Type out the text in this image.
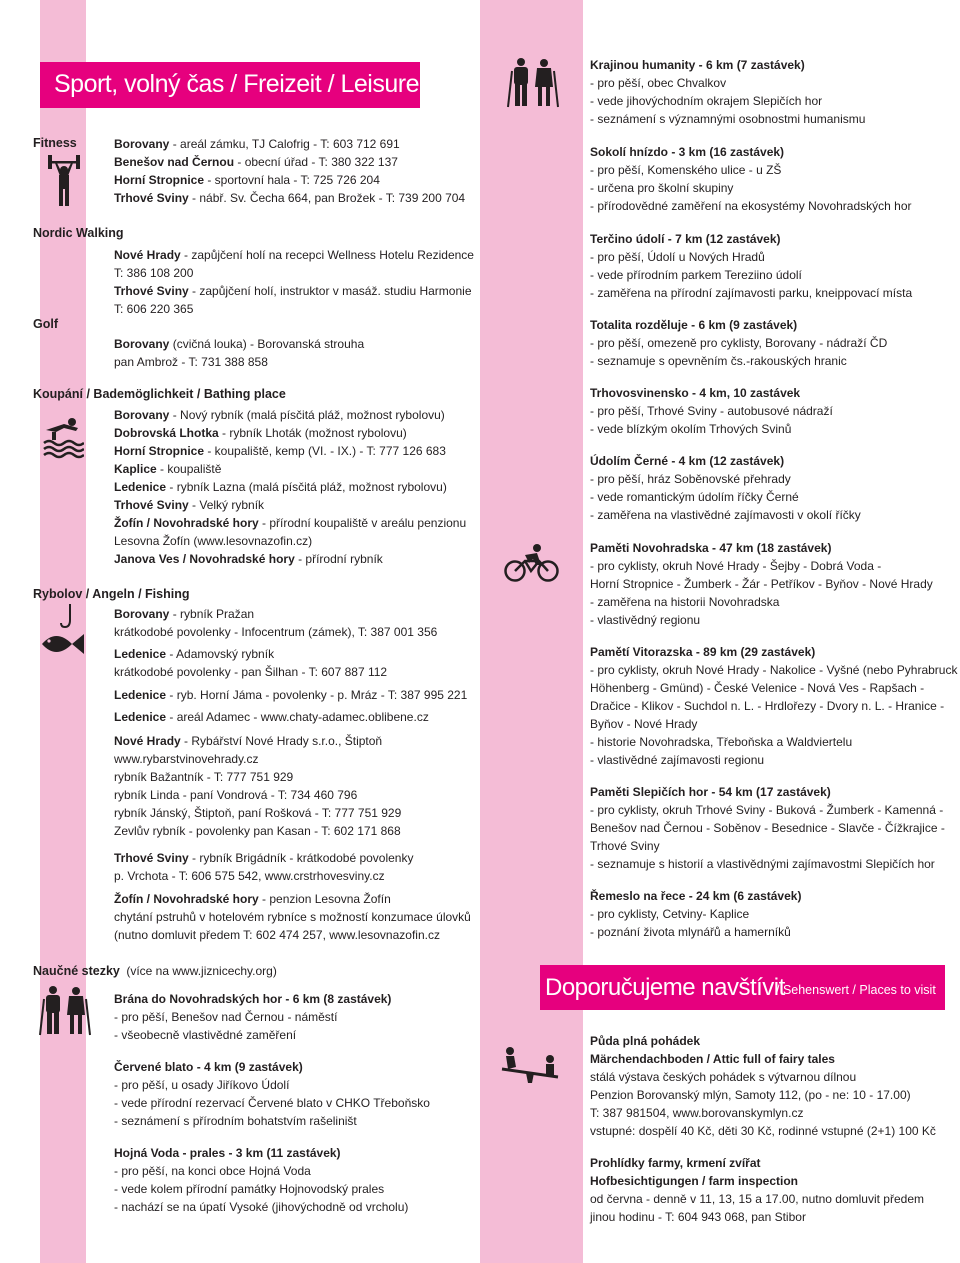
Sport, volný čas / Freizeit / Leisure
Fitness
Nordic Walking
Golf
Koupání / Bademöglichkeit / Bathing place
Rybolov / Angeln / Fishing
Naučné stezky (více na www.jiznicechy.org)
Borovany - areál zámku, TJ Calofrig - T: 603 712 691
Benešov nad Černou - obecní úřad - T: 380 322 137
Horní Stropnice - sportovní hala - T: 725 726 204
Trhové Sviny - nábř. Sv. Čecha 664, pan Brožek - T: 739 200 704
Nové Hrady - zapůjčení holí na recepci Wellness Hotelu Rezidence
T: 386 108 200
Trhové Sviny - zapůjčení holí, instruktor v masáž. studiu Harmonie
T: 606 220 365
Borovany (cvičná louka) - Borovanská strouha
pan Ambrož - T: 731 388 858
Borovany - Nový rybník (malá písčitá pláž, možnost rybolovu)
Dobrovská Lhotka - rybník Lhoták (možnost rybolovu)
Horní Stropnice - koupaliště, kemp (VI. - IX.) - T: 777 126 683
Kaplice - koupaliště
Ledenice - rybník Lazna (malá písčitá pláž, možnost rybolovu)
Trhové Sviny - Velký rybník
Žofín / Novohradské hory - přírodní koupaliště v areálu penzionu
Lesovna Žofín (www.lesovnazofin.cz)
Janova Ves / Novohradské hory - přírodní rybník
Borovany - rybník Pražan
krátkodobé povolenky - Infocentrum (zámek), T: 387 001 356
Ledenice - Adamovský rybník
krátkodobé povolenky - pan Šilhan - T: 607 887 112
Ledenice - ryb. Horní Jáma - povolenky - p. Mráz - T: 387 995 221
Ledenice - areál Adamec - www.chaty-adamec.oblibene.cz
Nové Hrady - Rybářství Nové Hrady s.r.o., Štiptoň
www.rybarstvinovehrady.cz
rybník Bažantník - T: 777 751 929
rybník Linda - paní Vondrová - T: 734 460 796
rybník Jánský, Štiptoň, paní Rošková - T: 777 751 929
Zevlův rybník - povolenky pan Kasan - T: 602 171 868
Trhové Sviny - rybník Brigádník - krátkodobé povolenky
p. Vrchota - T: 606 575 542, www.crstrhovesviny.cz
Žofín / Novohradské hory - penzion Lesovna Žofín
chytání pstruhů v hotelovém rybníce s možností konzumace úlovků
(nutno domluvit předem T: 602 474 257, www.lesovnazofin.cz
Brána do Novohradských hor - 6 km (8 zastávek)
- pro pěší, Benešov nad Černou - náměstí
- všeobecně vlastivědné zaměření
Červené blato - 4 km (9 zastávek)
- pro pěší, u osady Jiříkovo Údolí
- vede přírodní rezervací Červené blato v CHKO Třeboňsko
- seznámení s přírodním bohatstvím rašeliništ
Hojná Voda - prales - 3 km (11 zastávek)
- pro pěší, na konci obce Hojná Voda
- vede kolem přírodní památky Hojnovodský prales
- nachází se na úpatí Vysoké (jihovýchodně od vrcholu)
Krajinou humanity - 6 km (7 zastávek)
- pro pěší, obec Chvalkov
- vede jihovýchodním okrajem Slepičích hor
- seznámení s významnými osobnostmi humanismu
Sokolí hnízdo - 3 km (16 zastávek)
- pro pěší, Komenského ulice - u ZŠ
- určena pro školní skupiny
- přírodovědné zaměření na ekosystémy Novohradských hor
Terčino údolí - 7 km (12 zastávek)
- pro pěší, Údolí u Nových Hradů
- vede přírodním parkem Tereziino údolí
- zaměřena na přírodní zajímavosti parku, kneippovací místa
Totalita rozděluje - 6 km (9 zastávek)
- pro pěší, omezeně pro cyklisty, Borovany - nádraží ČD
- seznamuje s opevněním čs.-rakouských hranic
Trhovosvinensko - 4 km, 10 zastávek
- pro pěší, Trhové Sviny - autobusové nádraží
- vede blízkým okolím Trhových Svinů
Údolím Černé - 4 km (12 zastávek)
- pro pěší, hráz Soběnovské přehrady
- vede romantickým údolím říčky Černé
- zaměřena na vlastivědné zajímavosti v okolí říčky
Paměti Novohradska - 47 km (18 zastávek)
- pro cyklisty, okruh Nové Hrady - Šejby - Dobrá Voda -
Horní Stropnice - Žumberk - Žár - Petříkov - Byňov - Nové Hrady
- zaměřena na historii Novohradska
- vlastivědný regionu
Pamětí Vitorazska - 89 km (29 zastávek)
- pro cyklisty, okruh Nové Hrady - Nakolice - Vyšné (nebo Pyhrabruck
Höhenberg - Gmünd) - České Velenice - Nová Ves - Rapšach -
Dračice - Klikov - Suchdol n. L. - Hrdlořezy - Dvory n. L. - Hranice -
Byňov - Nové Hrady
- historie Novohradska, Třeboňska a Waldviertelu
- vlastivědné zajímavosti regionu
Paměti Slepičích hor - 54 km (17 zastávek)
- pro cyklisty, okruh Trhové Sviny - Buková - Žumberk - Kamenná -
Benešov nad Černou - Soběnov - Besednice - Slavče - Čížkrajice -
Trhové Sviny
- seznamuje s historií a vlastivědnými zajímavostmi Slepičích hor
Řemeslo na řece - 24 km (6 zastávek)
- pro cyklisty, Cetviny- Kaplice
- poznání života mlynářů a hamerníků
Půda plná pohádek
Märchendachboden / Attic full of fairy tales
stálá výstava českých pohádek s výtvarnou dílnou
Penzion Borovanský mlýn, Samoty 112, (po - ne: 10 - 17.00)
T: 387 981504, www.borovanskymlyn.cz
vstupné: dospělí 40 Kč, děti 30 Kč, rodinné vstupné (2+1) 100 Kč
Prohlídky farmy, krmení zvířat
Hofbesichtigungen / farm inspection
od června - denně v 11, 13, 15 a 17.00, nutno domluvit předem
jinou hodinu - T: 604 943 068, pan Stibor
Doporučujeme navštívit
/ Sehenswert / Places to visit
